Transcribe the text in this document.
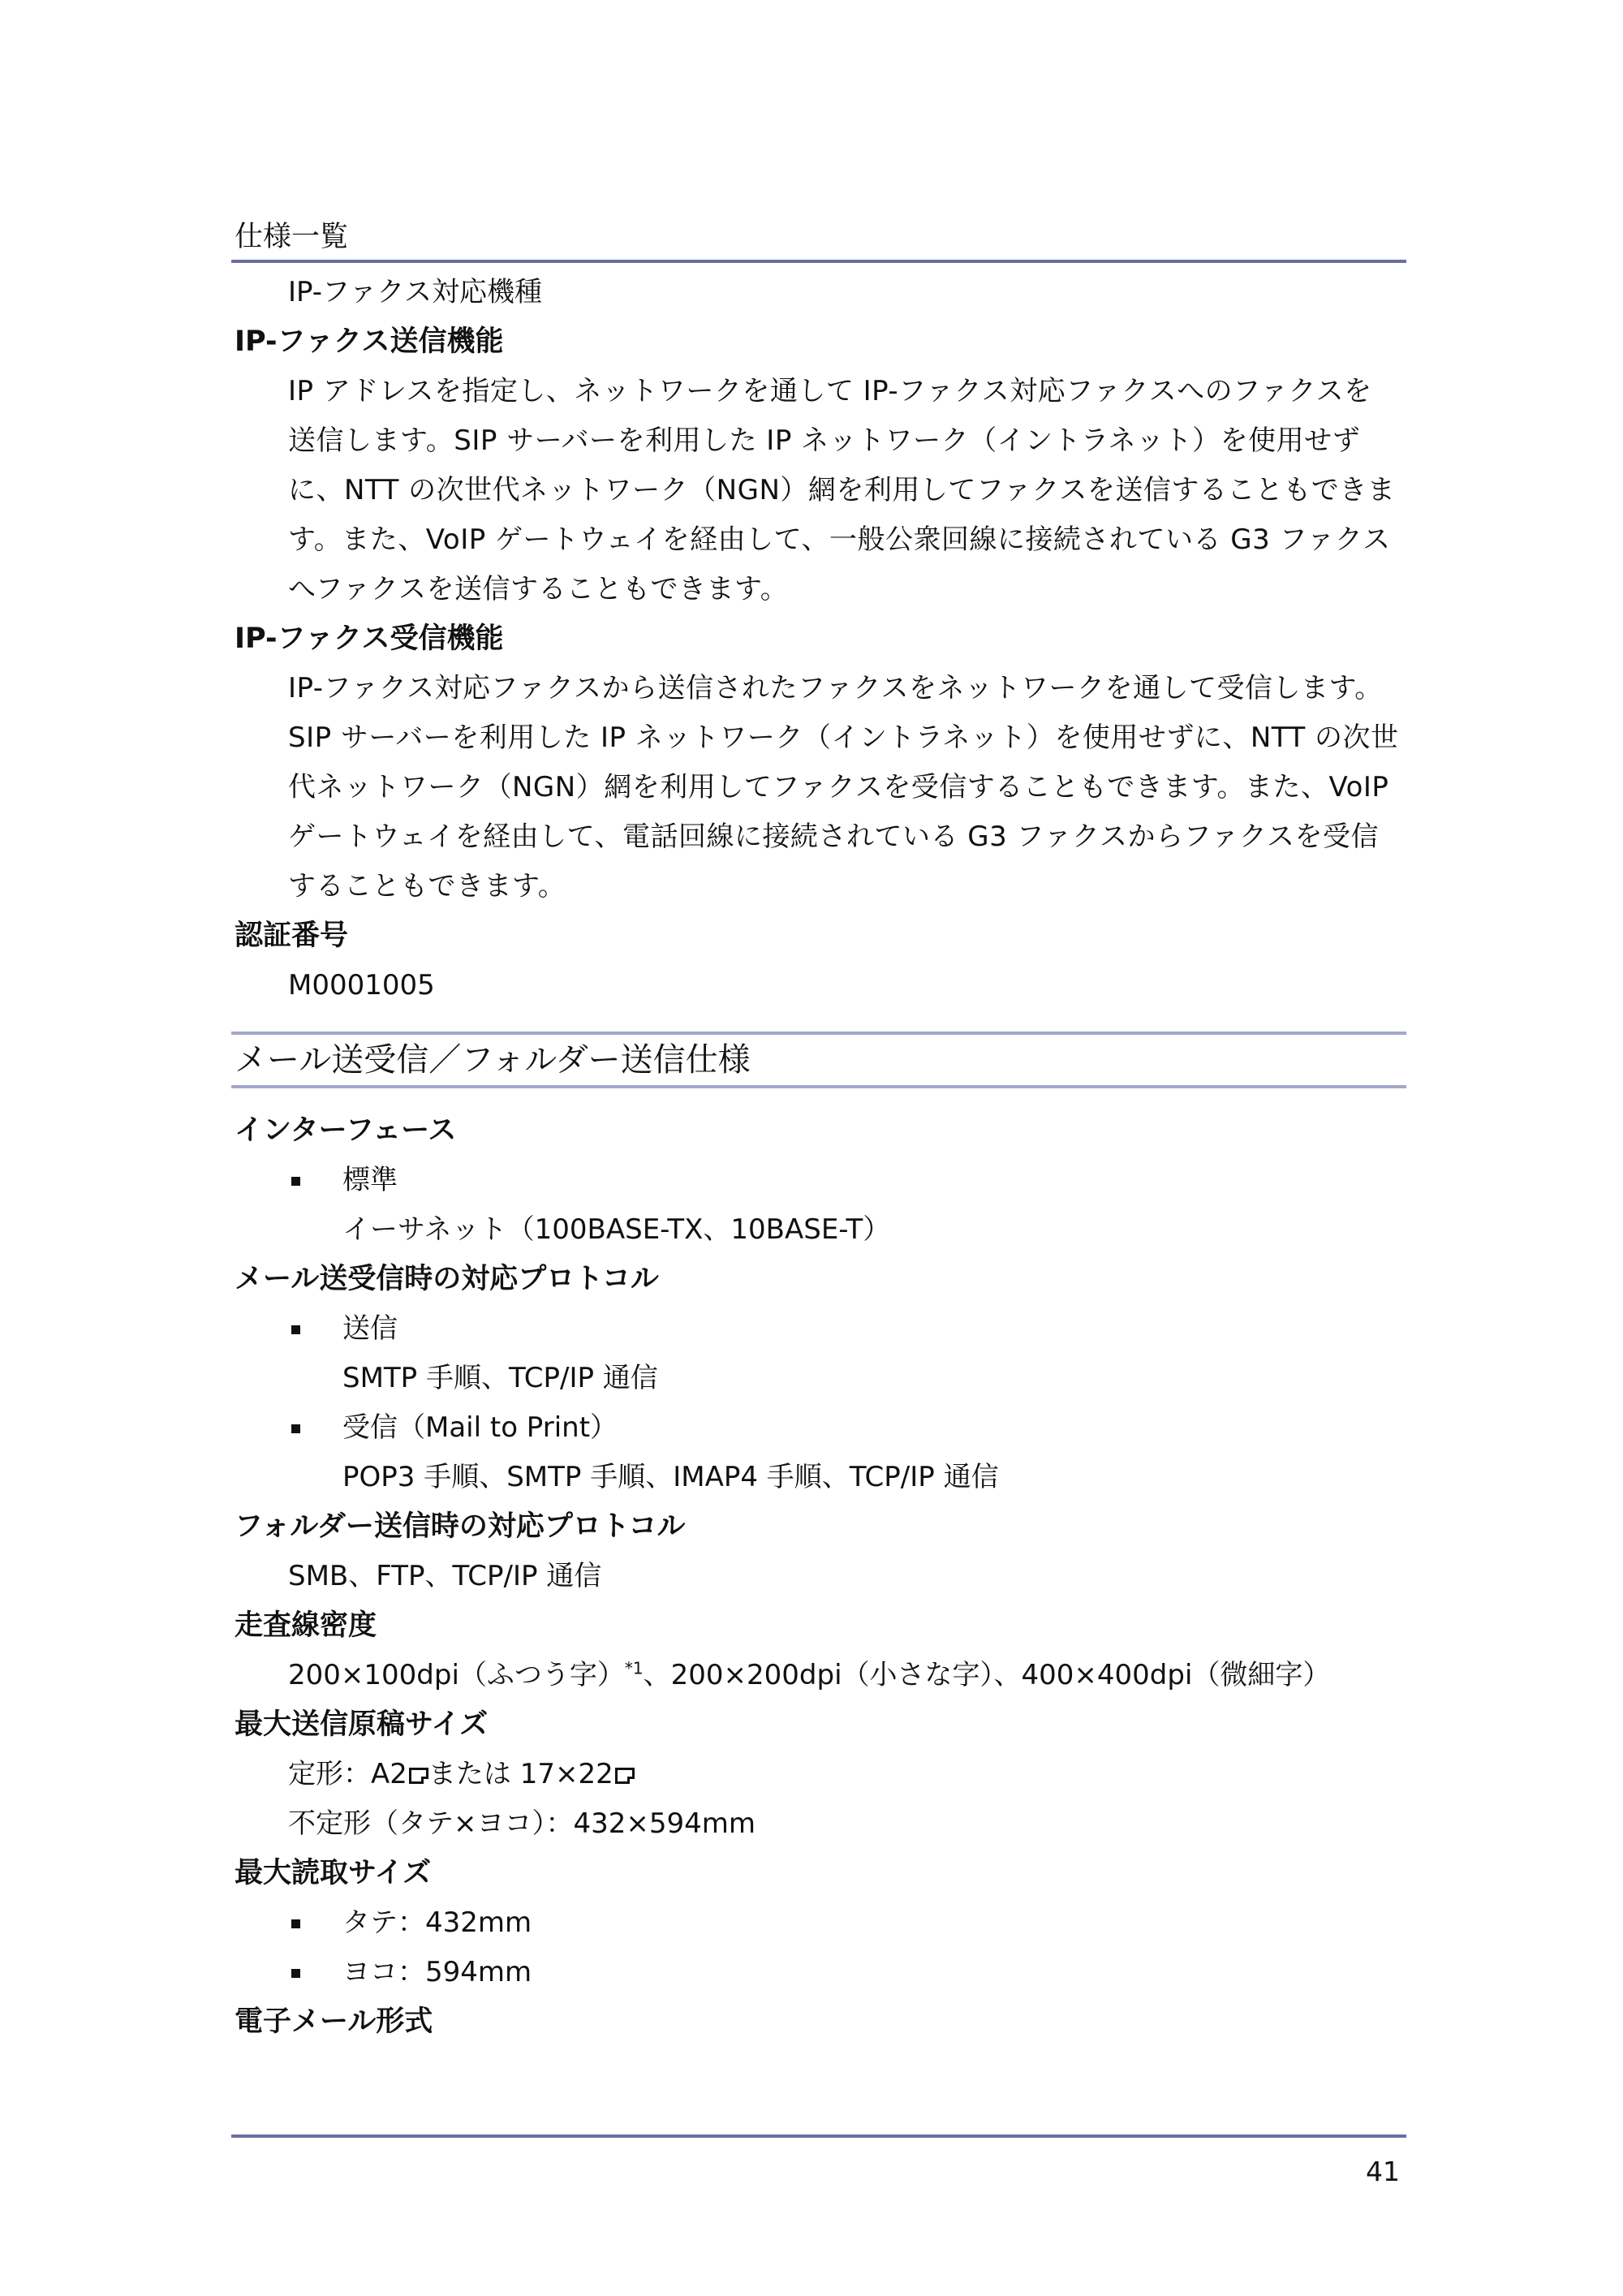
仕様一覧
IP-ファクス対応機種
IP-ファクス送信機能
IP アドレスを指定し、ネットワークを通して IP-ファクス対応ファクスへのファクスを
送信します。SIP サーバーを利用した IP ネットワーク（イントラネット）を使用せず
に、NTT の次世代ネットワーク（NGN）網を利用してファクスを送信することもできま
す。また、VoIP ゲートウェイを経由して、一般公衆回線に接続されている G3 ファクス
へファクスを送信することもできます。
IP-ファクス受信機能
IP-ファクス対応ファクスから送信されたファクスをネットワークを通して受信します。
SIP サーバーを利用した IP ネットワーク（イントラネット）を使用せずに、NTT の次世
代ネットワーク（NGN）網を利用してファクスを受信することもできます。また、VoIP
ゲートウェイを経由して、電話回線に接続されている G3 ファクスからファクスを受信
することもできます。
認証番号
M0001005
メール送受信／フォルダー送信仕様
インターフェース
標準
イーサネット（100BASE-TX、10BASE-T）
メール送受信時の対応プロトコル
送信
SMTP 手順、TCP/IP 通信
受信（Mail to Print）
POP3 手順、SMTP 手順、IMAP4 手順、TCP/IP 通信
フォルダー送信時の対応プロトコル
SMB、FTP、TCP/IP 通信
走査線密度
200×100dpi（ふつう字）$^{*1}$、200×200dpi（小さな字）、400×400dpi（微細字）
最大送信原稿サイズ
定形：A2 または 17×22
不定形（タテ×ヨコ）：432×594mm
最大読取サイズ
タテ：432mm
ヨコ：594mm
電子メール形式
41
